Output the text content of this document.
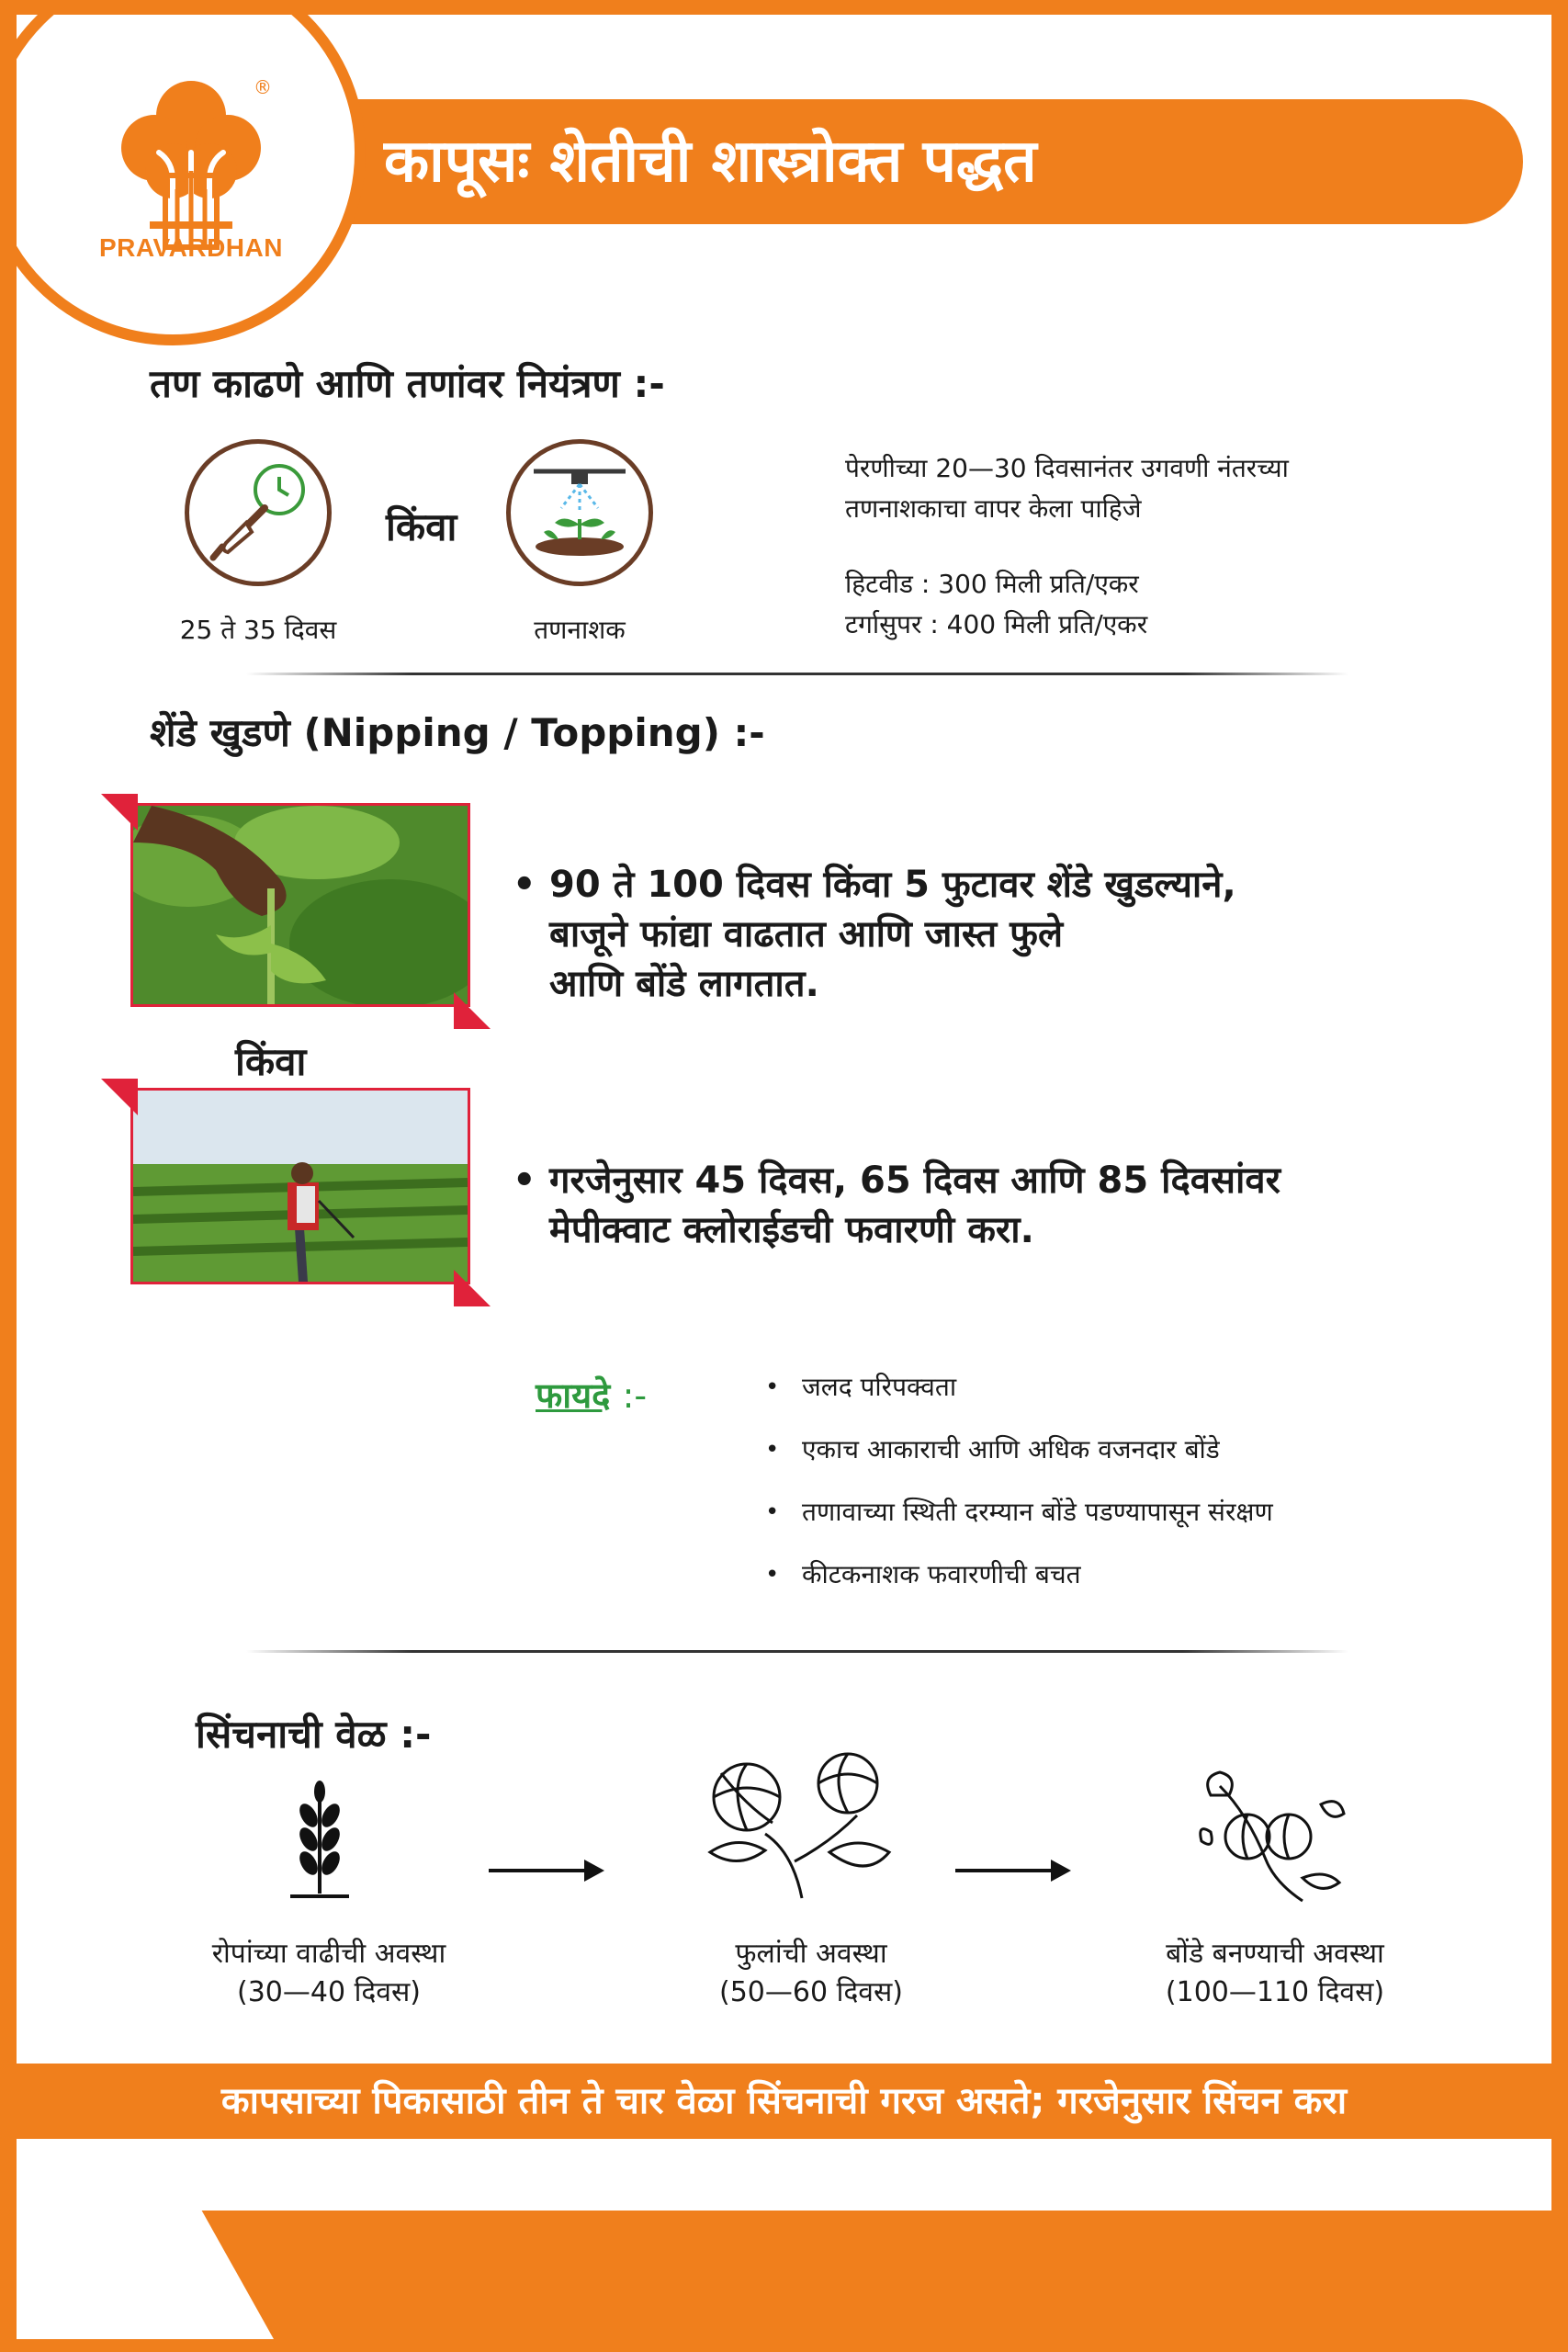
®
PRAVARDHAN
कापूसः शेतीची शास्त्रोक्त पद्धत
तण काढणे आणि तणांवर नियंत्रण :-
किंवा
25 ते 35 दिवस	तणनाशक
पेरणीच्या 20—30 दिवसानंतर उगवणी नंतरच्या
तणनाशकाचा वापर केला पाहिजे
हिटवीड : 300 मिली प्रति/एकर
टर्गासुपर : 400 मिली प्रति/एकर
शेंडे खुडणे (Nipping / Topping) :-
किंवा
• 90 ते 100 दिवस किंवा 5 फुटावर शेंडे खुडल्याने,
बाजूने फांद्या वाढतात आणि जास्त फुले
आणि बोंडे लागतात.
• गरजेनुसार 45 दिवस, 65 दिवस आणि 85 दिवसांवर
मेपीक्वाट क्लोराईडची फवारणी करा.
फायदे :-	• जलद परिपक्वता
• एकाच आकाराची आणि अधिक वजनदार बोंडे
• तणावाच्या स्थिती दरम्यान बोंडे पडण्यापासून संरक्षण
• कीटकनाशक फवारणीची बचत
सिंचनाची वेळ :-
रोपांच्या वाढीची अवस्था
(30—40 दिवस)
फुलांची अवस्था
(50—60 दिवस)
बोंडे बनण्याची अवस्था
(100—110 दिवस)
कापसाच्या पिकासाठी तीन ते चार वेळा सिंचनाची गरज असते; गरजेनुसार सिंचन करा
